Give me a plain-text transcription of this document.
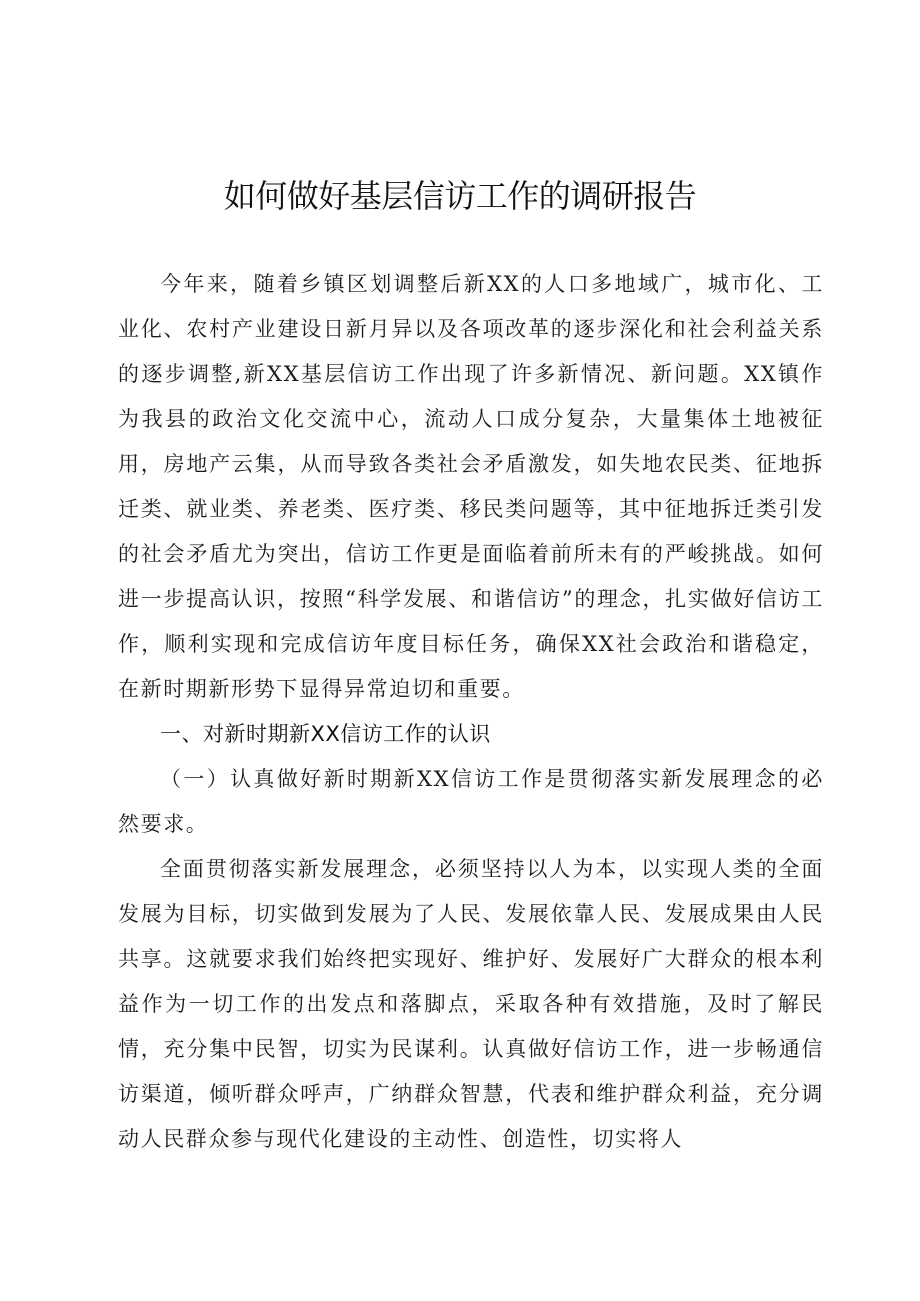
如何做好基层信访工作的调研报告

今年来，随着乡镇区划调整后新XX的人口多地域广，城市化、工业化、农村产业建设日新月异以及各项改革的逐步深化和社会利益关系的逐步调整,新XX基层信访工作出现了许多新情况、新问题。XX镇作为我县的政治文化交流中心，流动人口成分复杂，大量集体土地被征用，房地产云集，从而导致各类社会矛盾激发，如失地农民类、征地拆迁类、就业类、养老类、医疗类、移民类问题等，其中征地拆迁类引发的社会矛盾尤为突出，信访工作更是面临着前所未有的严峻挑战。如何进一步提高认识，按照“科学发展、和谐信访”的理念，扎实做好信访工作，顺利实现和完成信访年度目标任务，确保XX社会政治和谐稳定，在新时期新形势下显得异常迫切和重要。

一、对新时期新XX信访工作的认识

（一）认真做好新时期新XX信访工作是贯彻落实新发展理念的必然要求。

全面贯彻落实新发展理念，必须坚持以人为本，以实现人类的全面发展为目标，切实做到发展为了人民、发展依靠人民、发展成果由人民共享。这就要求我们始终把实现好、维护好、发展好广大群众的根本利益作为一切工作的出发点和落脚点，采取各种有效措施，及时了解民情，充分集中民智，切实为民谋利。认真做好信访工作，进一步畅通信访渠道，倾听群众呼声，广纳群众智慧，代表和维护群众利益，充分调动人民群众参与现代化建设的主动性、创造性，切实将人
